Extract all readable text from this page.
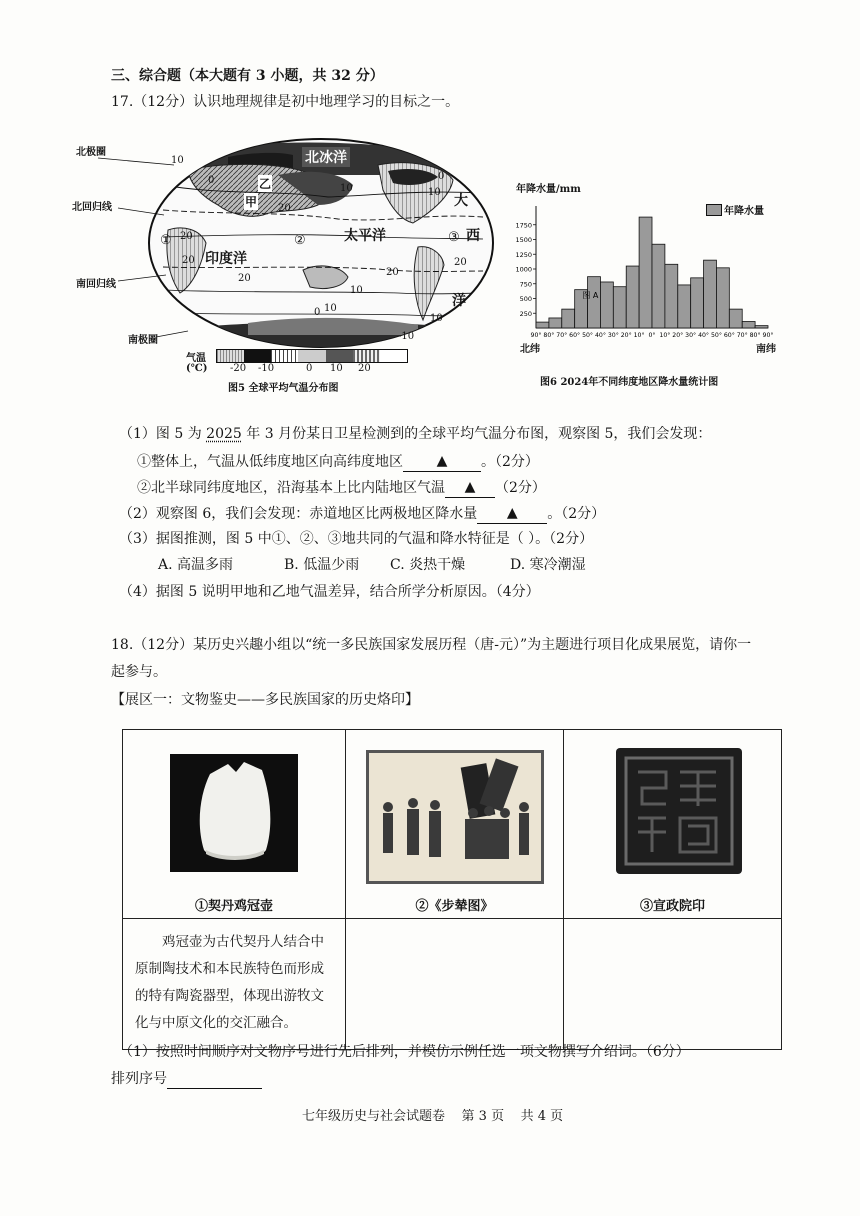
三、综合题（本大题有 3 小题，共 32 分）
17.（12分）认识地理规律是初中地理学习的目标之一。
北极圈
北回归线
南回归线
南极圈
北冰洋
太平洋
印度洋
大
西
洋
甲
乙
①	②	③
10
0
10
20
20
20
10
0
20
10
20
10
20
0
10
-10
气温
(℃) -20 -10	0 10 20
图5 全球平均气温分布图
年降水量/mm
年降水量
250
500
750
1000
1250
1500
1750
90° 80° 70° 60° 50° 40° 30° 20° 10° 0° 10° 20° 30° 40° 50° 60° 70° 80° 90°
图 A
北纬	南纬
图6 2024年不同纬度地区降水量统计图
（1）图 5 为 2025 年 3 月份某日卫星检测到的全球平均气温分布图，观察图 5，我们会发现：
①整体上，气温从低纬度地区向高纬度地区 ▲ 。（2分）
②北半球同纬度地区，沿海基本上比内陆地区气温 ▲ （2分）
（2）观察图 6，我们会发现：赤道地区比两极地区降水量 ▲ 。（2分）
（3）据图推测，图 5 中①、②、③地共同的气温和降水特征是（ ）。（2分）
A. 高温多雨	B. 低温少雨 C. 炎热干燥	D. 寒冷潮湿
（4）据图 5 说明甲地和乙地气温差异，结合所学分析原因。（4分）
18.（12分）某历史兴趣小组以“统一多民族国家发展历程（唐-元）”为主题进行项目化成果展览，请你一
起参与。
【展区一：文物鉴史——多民族国家的历史烙印】
①契丹鸡冠壶	②《步辇图》	③宣政院印

鸡冠壶为古代契丹人结合中原制陶技术和本民族特色而形成的特有陶瓷器型，体现出游牧文化与中原文化的交汇融合。		
（1）按照时间顺序对文物序号进行先后排列，并模仿示例任选一项文物撰写介绍词。（6分）
排列序号
七年级历史与社会试题卷    第 3 页    共 4 页
